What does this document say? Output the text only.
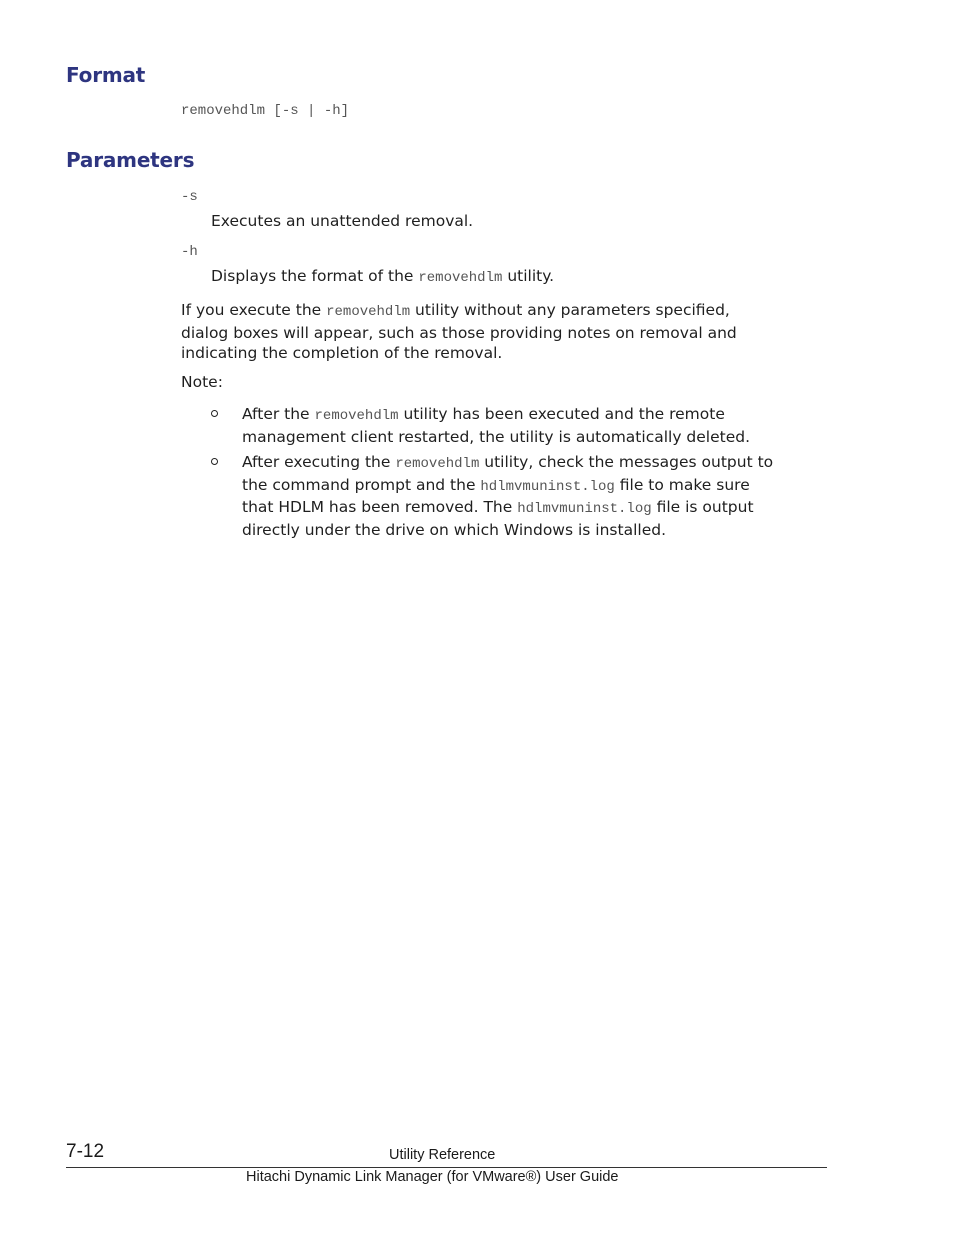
Format
removehdlm [-s | -h]
Parameters
-s
Executes an unattended removal.
-h
Displays the format of the removehdlm utility.
If you execute the removehdlm utility without any parameters specified,
dialog boxes will appear, such as those providing notes on removal and
indicating the completion of the removal.
Note:
After the removehdlm utility has been executed and the remote
management client restarted, the utility is automatically deleted.
After executing the removehdlm utility, check the messages output to
the command prompt and the hdlmvmuninst.log file to make sure
that HDLM has been removed. The hdlmvmuninst.log file is output
directly under the drive on which Windows is installed.
7-12	Utility Reference
Hitachi Dynamic Link Manager (for VMware®) User Guide
